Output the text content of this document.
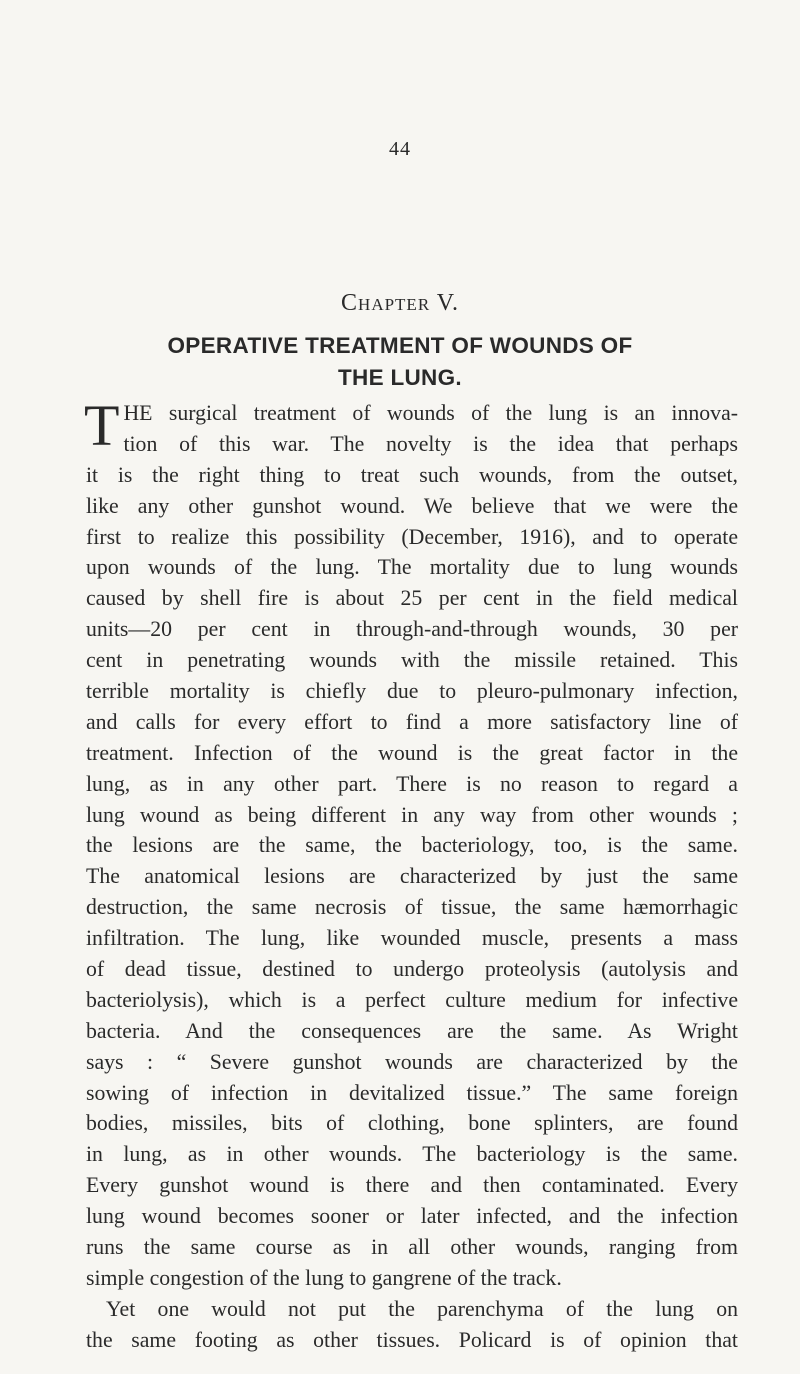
44
Chapter V.
OPERATIVE TREATMENT OF WOUNDS OF
THE LUNG.
T HE surgical treatment of wounds of the lung is an innova-
tion of this war. The novelty is the idea that perhaps
it is the right thing to treat such wounds, from the outset,
like any other gunshot wound. We believe that we were the
first to realize this possibility (December, 1916), and to operate
upon wounds of the lung. The mortality due to lung wounds
caused by shell fire is about 25 per cent in the field medical
units—20 per cent in through-and-through wounds, 30 per
cent in penetrating wounds with the missile retained. This
terrible mortality is chiefly due to pleuro-pulmonary infection,
and calls for every effort to find a more satisfactory line of
treatment. Infection of the wound is the great factor in the
lung, as in any other part. There is no reason to regard a
lung wound as being different in any way from other wounds ;
the lesions are the same, the bacteriology, too, is the same.
The anatomical lesions are characterized by just the same
destruction, the same necrosis of tissue, the same hæmorrhagic
infiltration. The lung, like wounded muscle, presents a mass
of dead tissue, destined to undergo proteolysis (autolysis and
bacteriolysis), which is a perfect culture medium for infective
bacteria. And the consequences are the same. As Wright
says : “ Severe gunshot wounds are characterized by the
sowing of infection in devitalized tissue.” The same foreign
bodies, missiles, bits of clothing, bone splinters, are found
in lung, as in other wounds. The bacteriology is the same.
Every gunshot wound is there and then contaminated. Every
lung wound becomes sooner or later infected, and the infection
runs the same course as in all other wounds, ranging from
simple congestion of the lung to gangrene of the track.
Yet one would not put the parenchyma of the lung on
the same footing as other tissues. Policard is of opinion that
